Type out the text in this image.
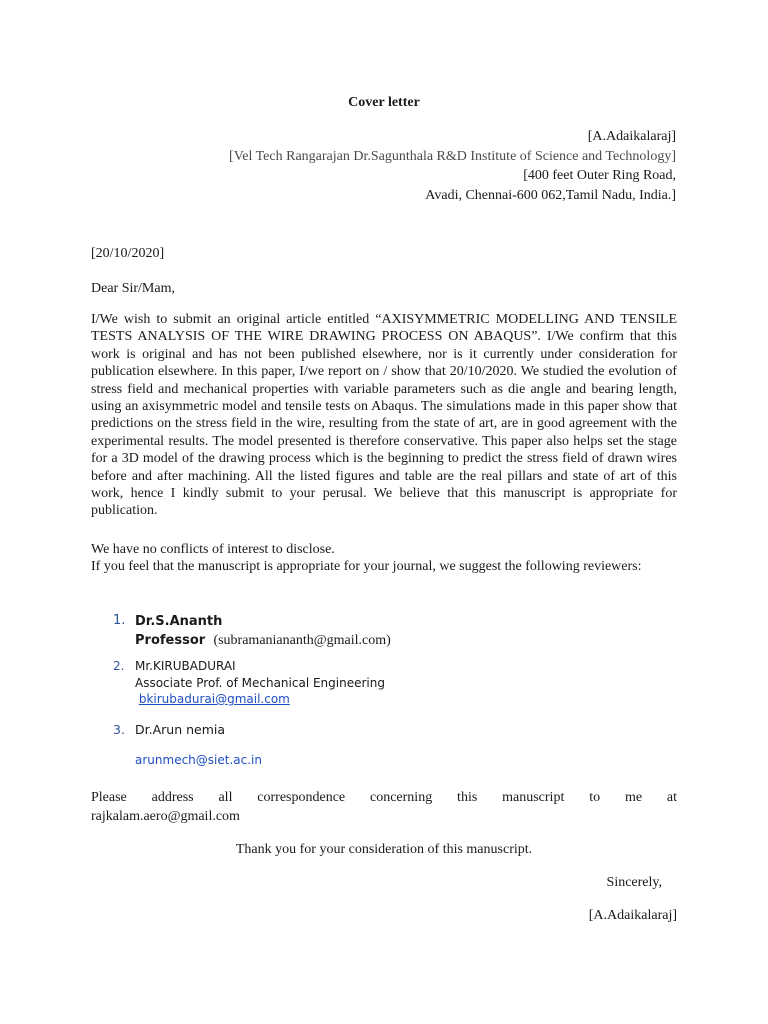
Cover letter
[A.Adaikalaraj]
[Vel Tech Rangarajan Dr.Sagunthala R&D Institute of Science and Technology]
[400 feet Outer Ring Road,
Avadi, Chennai-600 062,Tamil Nadu, India.]
[20/10/2020]
Dear Sir/Mam,
I/We wish to submit an original article entitled “AXISYMMETRIC MODELLING AND TENSILE TESTS ANALYSIS OF THE WIRE DRAWING PROCESS ON ABAQUS”. I/We confirm that this work is original and has not been published elsewhere, nor is it currently under consideration for publication elsewhere. In this paper, I/we report on / show that 20/10/2020. We studied the evolution of stress field and mechanical properties with variable parameters such as die angle and bearing length, using an axisymmetric model and tensile tests on Abaqus. The simulations made in this paper show that predictions on the stress field in the wire, resulting from the state of art, are in good agreement with the experimental results. The model presented is therefore conservative. This paper also helps set the stage for a 3D model of the drawing process which is the beginning to predict the stress field of drawn wires before and after machining. All the listed figures and table are the real pillars and state of art of this work, hence I kindly submit to your perusal. We believe that this manuscript is appropriate for publication.
We have no conflicts of interest to disclose.
If you feel that the manuscript is appropriate for your journal, we suggest the following reviewers:
1. Dr.S.Ananth
Professor (subramaniananth@gmail.com)
2. Mr.KIRUBADURAI
Associate Prof. of Mechanical Engineering
bkirubadurai@gmail.com
3. Dr.Arun nemia
arunmech@siet.ac.in
Please address all correspondence concerning this manuscript to me at
rajkalam.aero@gmail.com
Thank you for your consideration of this manuscript.
Sincerely,
[A.Adaikalaraj]
